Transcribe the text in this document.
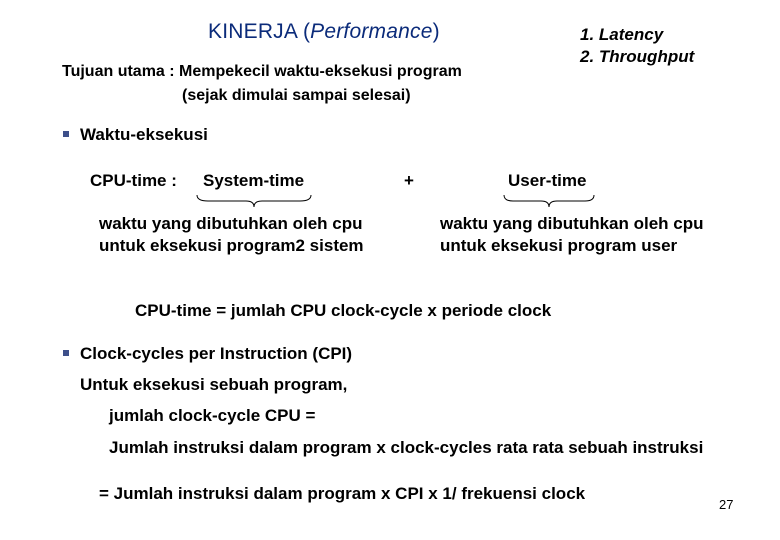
KINERJA (Performance)	1. Latency
2. Throughput
Tujuan utama : Mempekecil waktu-eksekusi program
(sejak dimulai sampai selesai)
Waktu-eksekusi
CPU-time : System-time	+	User-time
waktu yang dibutuhkan oleh cpu
untuk eksekusi program2 sistem
waktu yang dibutuhkan oleh cpu
untuk eksekusi program user
CPU-time = jumlah CPU clock-cycle x periode clock
Clock-cycles per Instruction (CPI)
Untuk eksekusi sebuah program,
jumlah clock-cycle CPU =
Jumlah instruksi dalam program x clock-cycles rata rata sebuah instruksi
= Jumlah instruksi dalam program x CPI x 1/ frekuensi clock
27
